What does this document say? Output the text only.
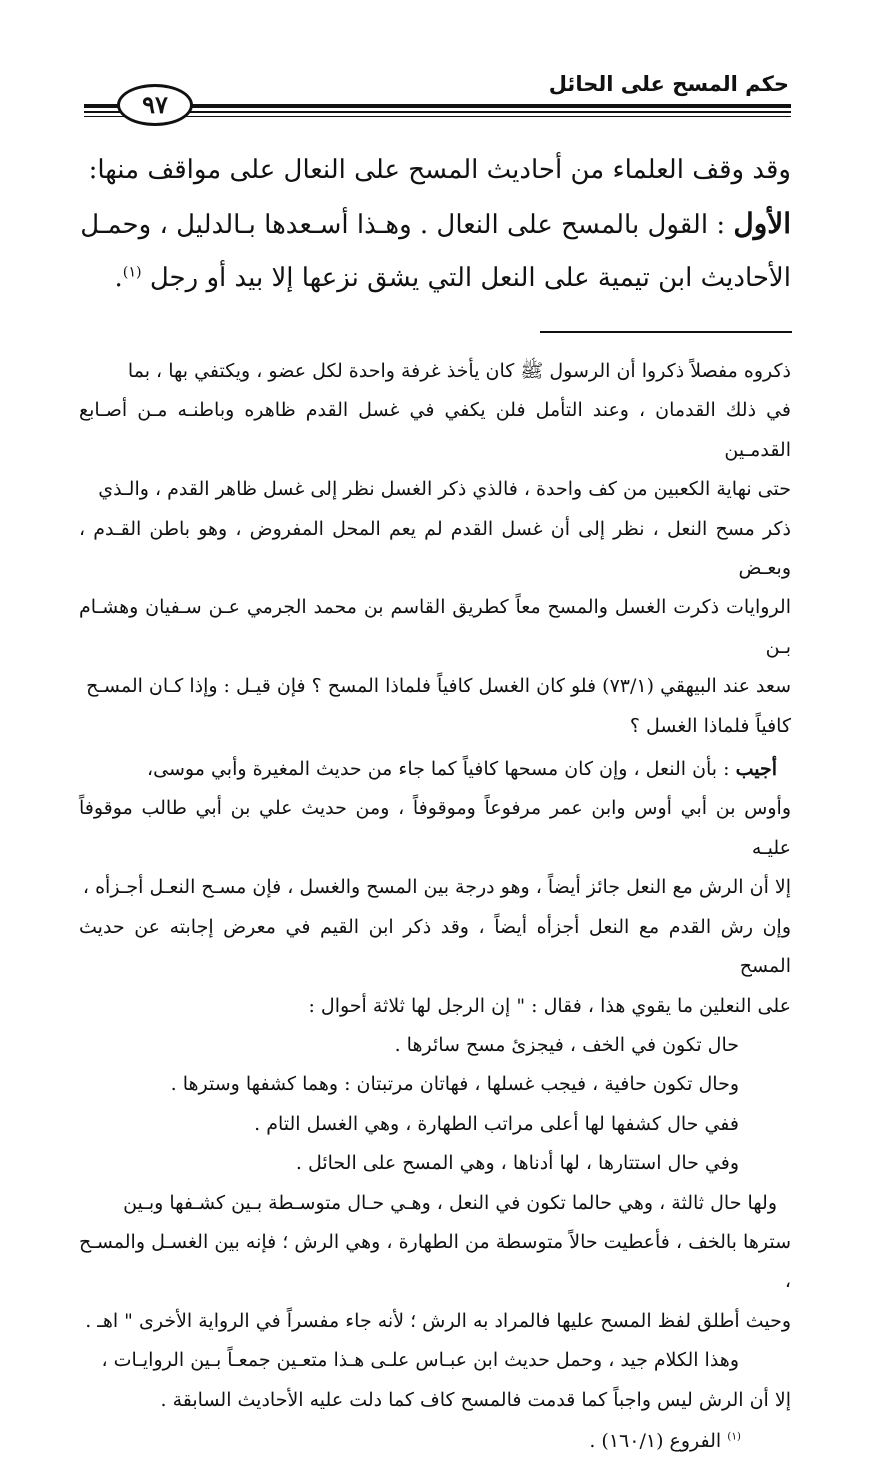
حكم المسح على الحائل
٩٧

وقد وقف العلماء من أحاديث المسح على النعال على مواقف منها:

الأول : القول بالمسح على النعال . وهـذا أسـعدها بـالدليل ، وحمـل

الأحاديث ابن تيمية على النعل التي يشق نزعها إلا بيد أو رجل $^{(١)}$.

ذكروه مفصلاً ذكروا أن الرسول ﷺ كان يأخذ غرفة واحدة لكل عضو ، ويكتفي بها ، بما

في ذلك القدمان ، وعند التأمل فلن يكفي في غسل القدم ظاهره وباطنـه مـن أصـابع القدمـين

حتى نهاية الكعبين من كف واحدة ، فالذي ذكر الغسل نظر إلى غسل ظاهر القدم ، والـذي

ذكر مسح النعل ، نظر إلى أن غسل القدم لم يعم المحل المفروض ، وهو باطن القـدم ، وبعـض

الروايات ذكرت الغسل والمسح معاً كطريق القاسم بن محمد الجرمي عـن سـفيان وهشـام بـن

سعد عند البيهقي (٧٣/١) فلو كان الغسل كافياً فلماذا المسح ؟ فإن قيـل : وإذا كـان المسـح

كافياً فلماذا الغسل ؟

أجيب : بأن النعل ، وإن كان مسحها كافياً كما جاء من حديث المغيرة وأبي موسى،

وأوس بن أبي أوس وابن عمر مرفوعاً وموقوفاً ، ومن حديث علي بن أبي طالب موقوفاً عليـه

إلا أن الرش مع النعل جائز أيضاً ، وهو درجة بين المسح والغسل ، فإن مسـح النعـل أجـزأه ،

وإن رش القدم مع النعل أجزأه أيضاً ، وقد ذكر ابن القيم في معرض إجابته عن حديث المسح

على النعلين ما يقوي هذا ، فقال : " إن الرجل لها ثلاثة أحوال :

حال تكون في الخف ، فيجزئ مسح سائرها .

وحال تكون حافية ، فيجب غسلها ، فهاتان مرتبتان : وهما كشفها وسترها .

ففي حال كشفها لها أعلى مراتب الطهارة ، وهي الغسل التام .

وفي حال استتارها ، لها أدناها ، وهي المسح على الحائل .

ولها حال ثالثة ، وهي حالما تكون في النعل ، وهـي حـال متوسـطة بـين كشـفها وبـين

سترها بالخف ، فأعطيت حالاً متوسطة من الطهارة ، وهي الرش ؛ فإنه بين الغسـل والمسـح ،

وحيث أطلق لفظ المسح عليها فالمراد به الرش ؛ لأنه جاء مفسراً في الرواية الأخرى " اهـ .

وهذا الكلام جيد ، وحمل حديث ابن عبـاس علـى هـذا متعـين جمعـاً بـين الروايـات ،

إلا أن الرش ليس واجباً كما قدمت فالمسح كاف كما دلت عليه الأحاديث السابقة .

$^{(١)}$ الفروع (١٦٠/١) .
